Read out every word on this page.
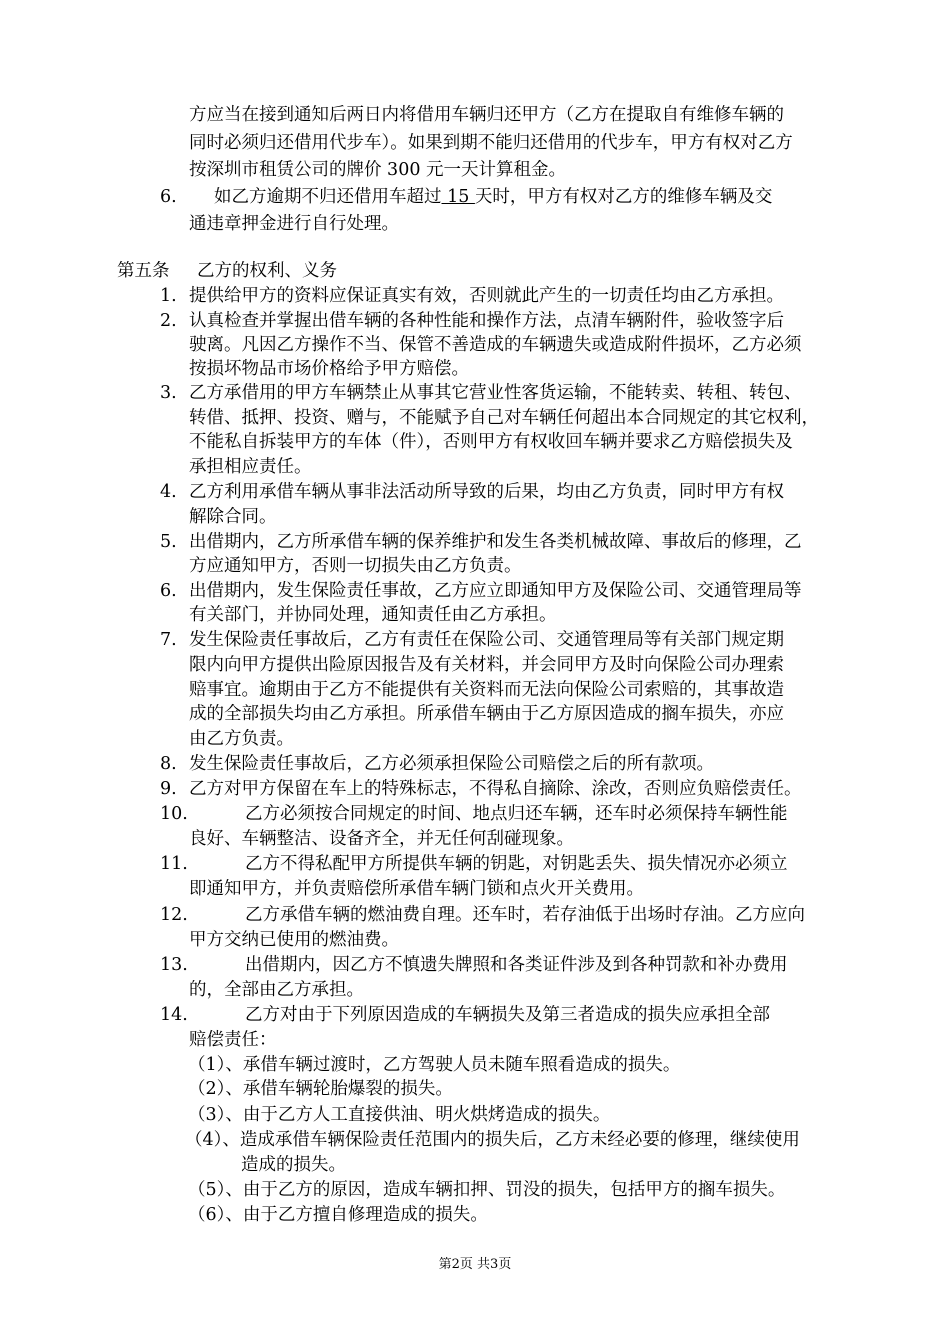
方应当在接到通知后两日内将借用车辆归还甲方（乙方在提取自有维修车辆的
同时必须归还借用代步车）。如果到期不能归还借用的代步车，甲方有权对乙方
按深圳市租赁公司的牌价 300 元一天计算租金。
6. 如乙方逾期不归还借用车超过 15 天时，甲方有权对乙方的维修车辆及交
通违章押金进行自行处理。
第五条 乙方的权利、义务
1. 提供给甲方的资料应保证真实有效，否则就此产生的一切责任均由乙方承担。
2. 认真检查并掌握出借车辆的各种性能和操作方法，点清车辆附件，验收签字后
驶离。凡因乙方操作不当、保管不善造成的车辆遗失或造成附件损坏，乙方必须
按损坏物品市场价格给予甲方赔偿。
3. 乙方承借用的甲方车辆禁止从事其它营业性客货运输，不能转卖、转租、转包、
转借、抵押、投资、赠与，不能赋予自己对车辆任何超出本合同规定的其它权利，
不能私自拆装甲方的车体（件），否则甲方有权收回车辆并要求乙方赔偿损失及
承担相应责任。
4. 乙方利用承借车辆从事非法活动所导致的后果，均由乙方负责，同时甲方有权
解除合同。
5. 出借期内，乙方所承借车辆的保养维护和发生各类机械故障、事故后的修理，乙
方应通知甲方，否则一切损失由乙方负责。
6. 出借期内，发生保险责任事故，乙方应立即通知甲方及保险公司、交通管理局等
有关部门，并协同处理，通知责任由乙方承担。
7. 发生保险责任事故后，乙方有责任在保险公司、交通管理局等有关部门规定期
限内向甲方提供出险原因报告及有关材料，并会同甲方及时向保险公司办理索
赔事宜。逾期由于乙方不能提供有关资料而无法向保险公司索赔的，其事故造
成的全部损失均由乙方承担。所承借车辆由于乙方原因造成的搁车损失，亦应
由乙方负责。
8. 发生保险责任事故后，乙方必须承担保险公司赔偿之后的所有款项。
9. 乙方对甲方保留在车上的特殊标志，不得私自摘除、涂改，否则应负赔偿责任。
10.	乙方必须按合同规定的时间、地点归还车辆，还车时必须保持车辆性能
良好、车辆整洁、设备齐全，并无任何刮碰现象。
11.	乙方不得私配甲方所提供车辆的钥匙，对钥匙丢失、损失情况亦必须立
即通知甲方，并负责赔偿所承借车辆门锁和点火开关费用。
12.	乙方承借车辆的燃油费自理。还车时，若存油低于出场时存油。乙方应向
甲方交纳已使用的燃油费。
13.	出借期内，因乙方不慎遗失牌照和各类证件涉及到各种罚款和补办费用
的，全部由乙方承担。
14.	乙方对由于下列原因造成的车辆损失及第三者造成的损失应承担全部
赔偿责任：
（1）、承借车辆过渡时，乙方驾驶人员未随车照看造成的损失。
（2）、承借车辆轮胎爆裂的损失。
（3）、由于乙方人工直接供油、明火烘烤造成的损失。
（4）、造成承借车辆保险责任范围内的损失后，乙方未经必要的修理，继续使用
造成的损失。
（5）、由于乙方的原因，造成车辆扣押、罚没的损失，包括甲方的搁车损失。
（6）、由于乙方擅自修理造成的损失。
第2页 共3页
